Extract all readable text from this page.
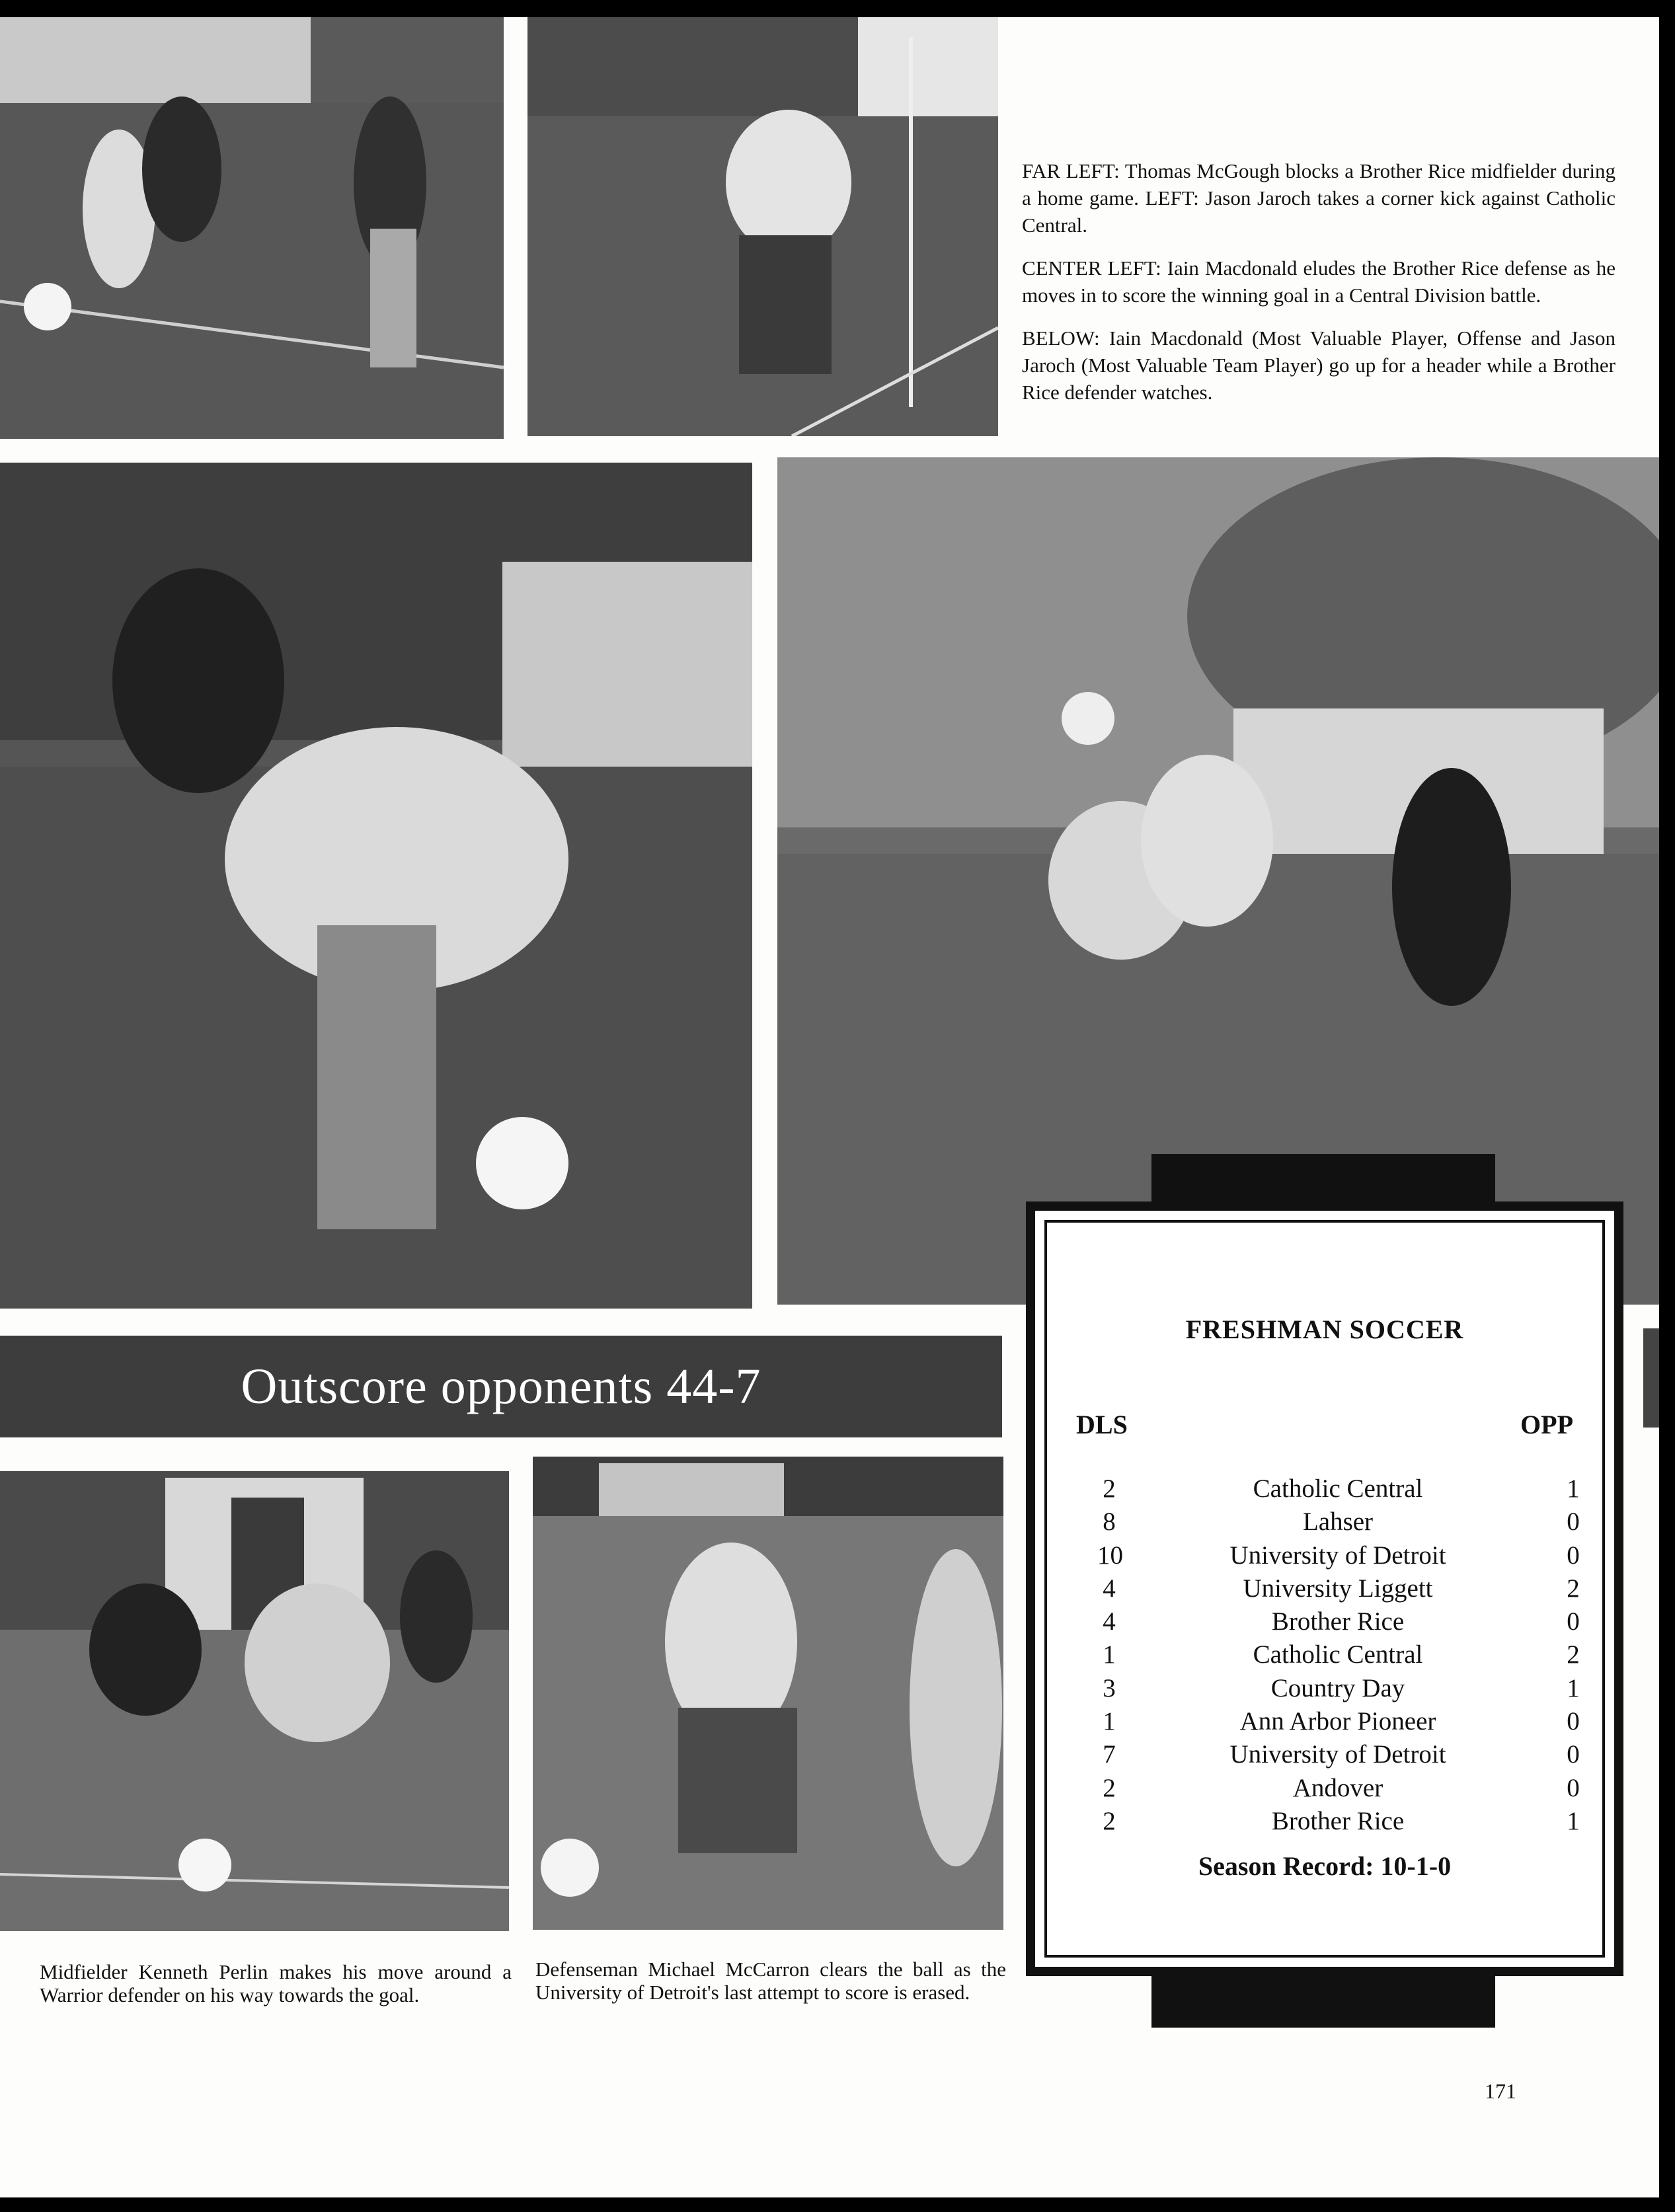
Outscore opponents 44-7

FAR LEFT: Thomas McGough blocks a Brother Rice midfielder during a home game. LEFT: Jason Jaroch takes a corner kick against Catholic Central.

CENTER LEFT: Iain Macdonald eludes the Brother Rice defense as he moves in to score the winning goal in a Central Division battle.

BELOW: Iain Macdonald (Most Valuable Player, Offense and Jason Jaroch (Most Valuable Team Player) go up for a header while a Brother Rice defender watches.

Midfielder Kenneth Perlin makes his move around a Warrior defender on his way towards the goal.
Defenseman Michael McCarron clears the ball as the University of Detroit's last attempt to score is erased.
FRESHMAN SOCCER
DLS	OPP
2	Catholic Central	1
8	Lahser	0
10	University of Detroit	0
4	University Liggett	2
4	Brother Rice	0
1	Catholic Central	2
3	Country Day	1
1	Ann Arbor Pioneer	0
7	University of Detroit	0
2	Andover	0
2	Brother Rice	1
Season Record: 10-1-0
171
